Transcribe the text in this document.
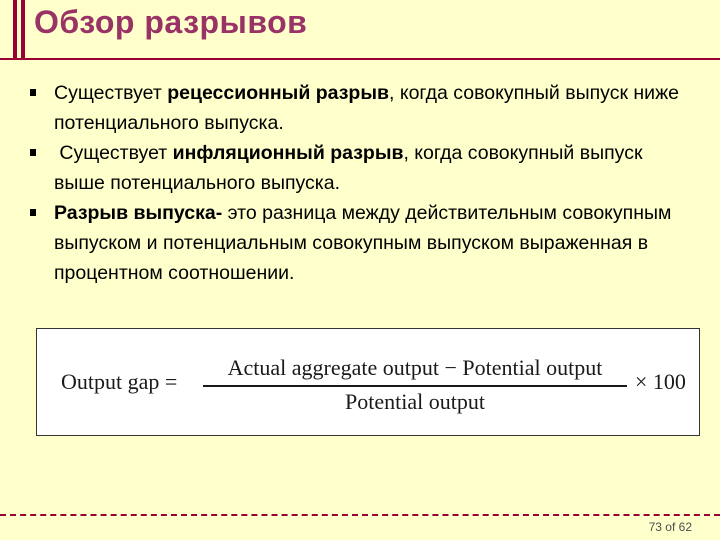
Обзор разрывов
Существует рецессионный разрыв, когда совокупный выпуск ниже потенциального выпуска.
Существует инфляционный разрыв, когда совокупный выпуск выше потенциального выпуска.
Разрыв выпуска- это разница между действительным совокупным выпуском и потенциальным совокупным выпуском выраженная в процентном соотношении.
Output gap =
Actual aggregate output − Potential output
Potential output
× 100
73 of 62
